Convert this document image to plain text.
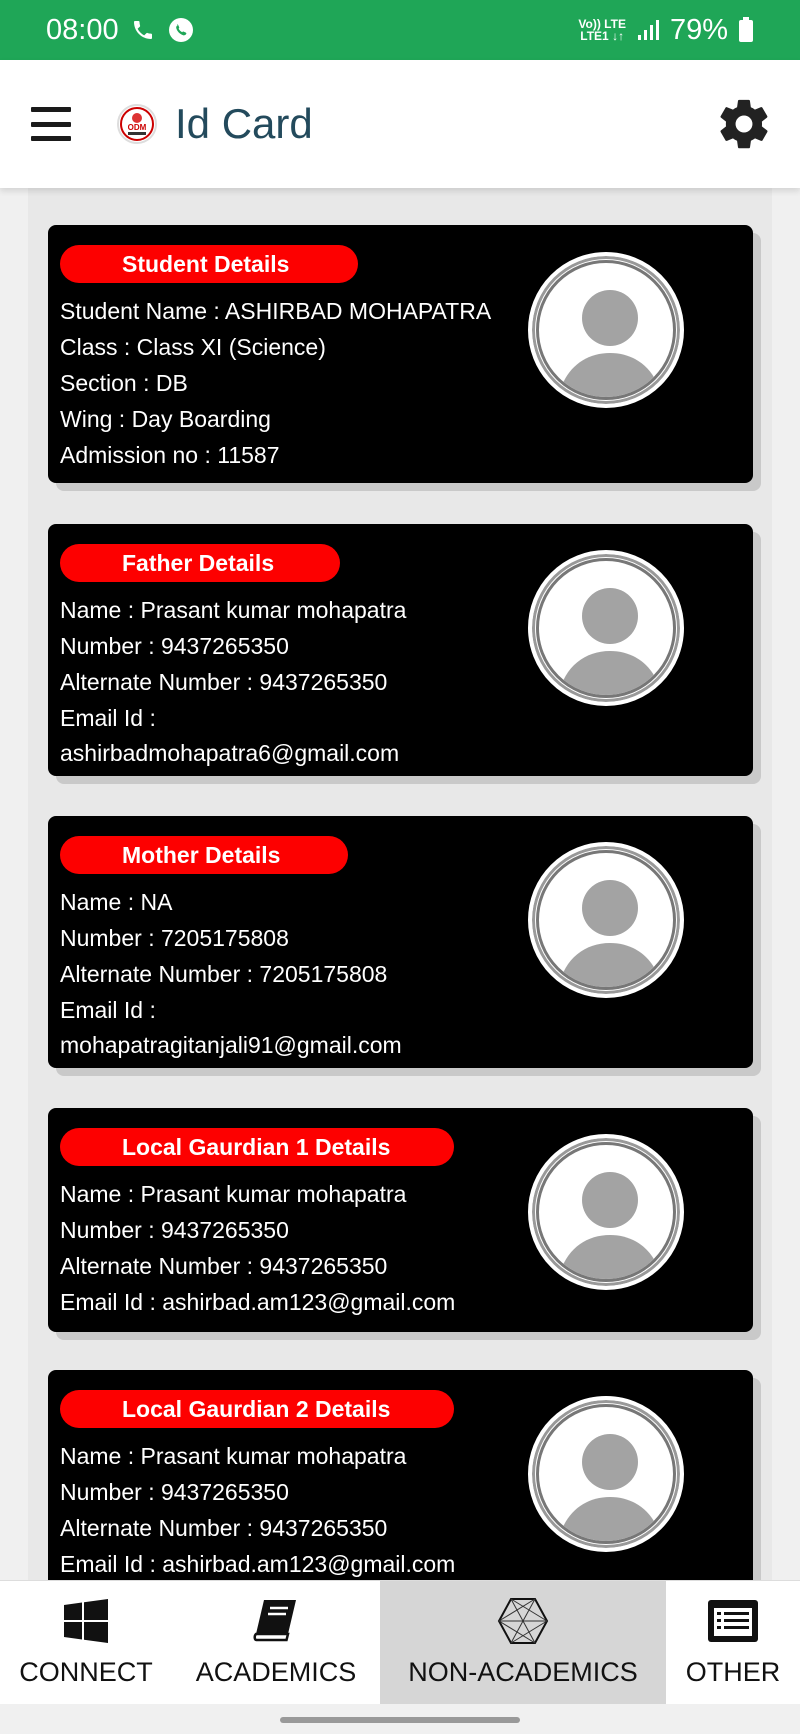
08:00	Vo)) LTE
LTE1 ↓↑ 79%
ODM Id Card
Student Details
Student Name : ASHIRBAD MOHAPATRA
Class : Class XI (Science)
Section : DB
Wing : Day Boarding
Admission no : 11587
Father Details
Name : Prasant kumar mohapatra
Number : 9437265350
Alternate Number : 9437265350
Email Id :
ashirbadmohapatra6@gmail.com
Mother Details
Name : NA
Number : 7205175808
Alternate Number : 7205175808
Email Id :
mohapatragitanjali91@gmail.com
Local Gaurdian 1 Details
Name : Prasant kumar mohapatra
Number : 9437265350
Alternate Number : 9437265350
Email Id : ashirbad.am123@gmail.com
Local Gaurdian 2 Details
Name : Prasant kumar mohapatra
Number : 9437265350
Alternate Number : 9437265350
Email Id : ashirbad.am123@gmail.com
CONNECT ACADEMICS NON-ACADEMICS OTHER
